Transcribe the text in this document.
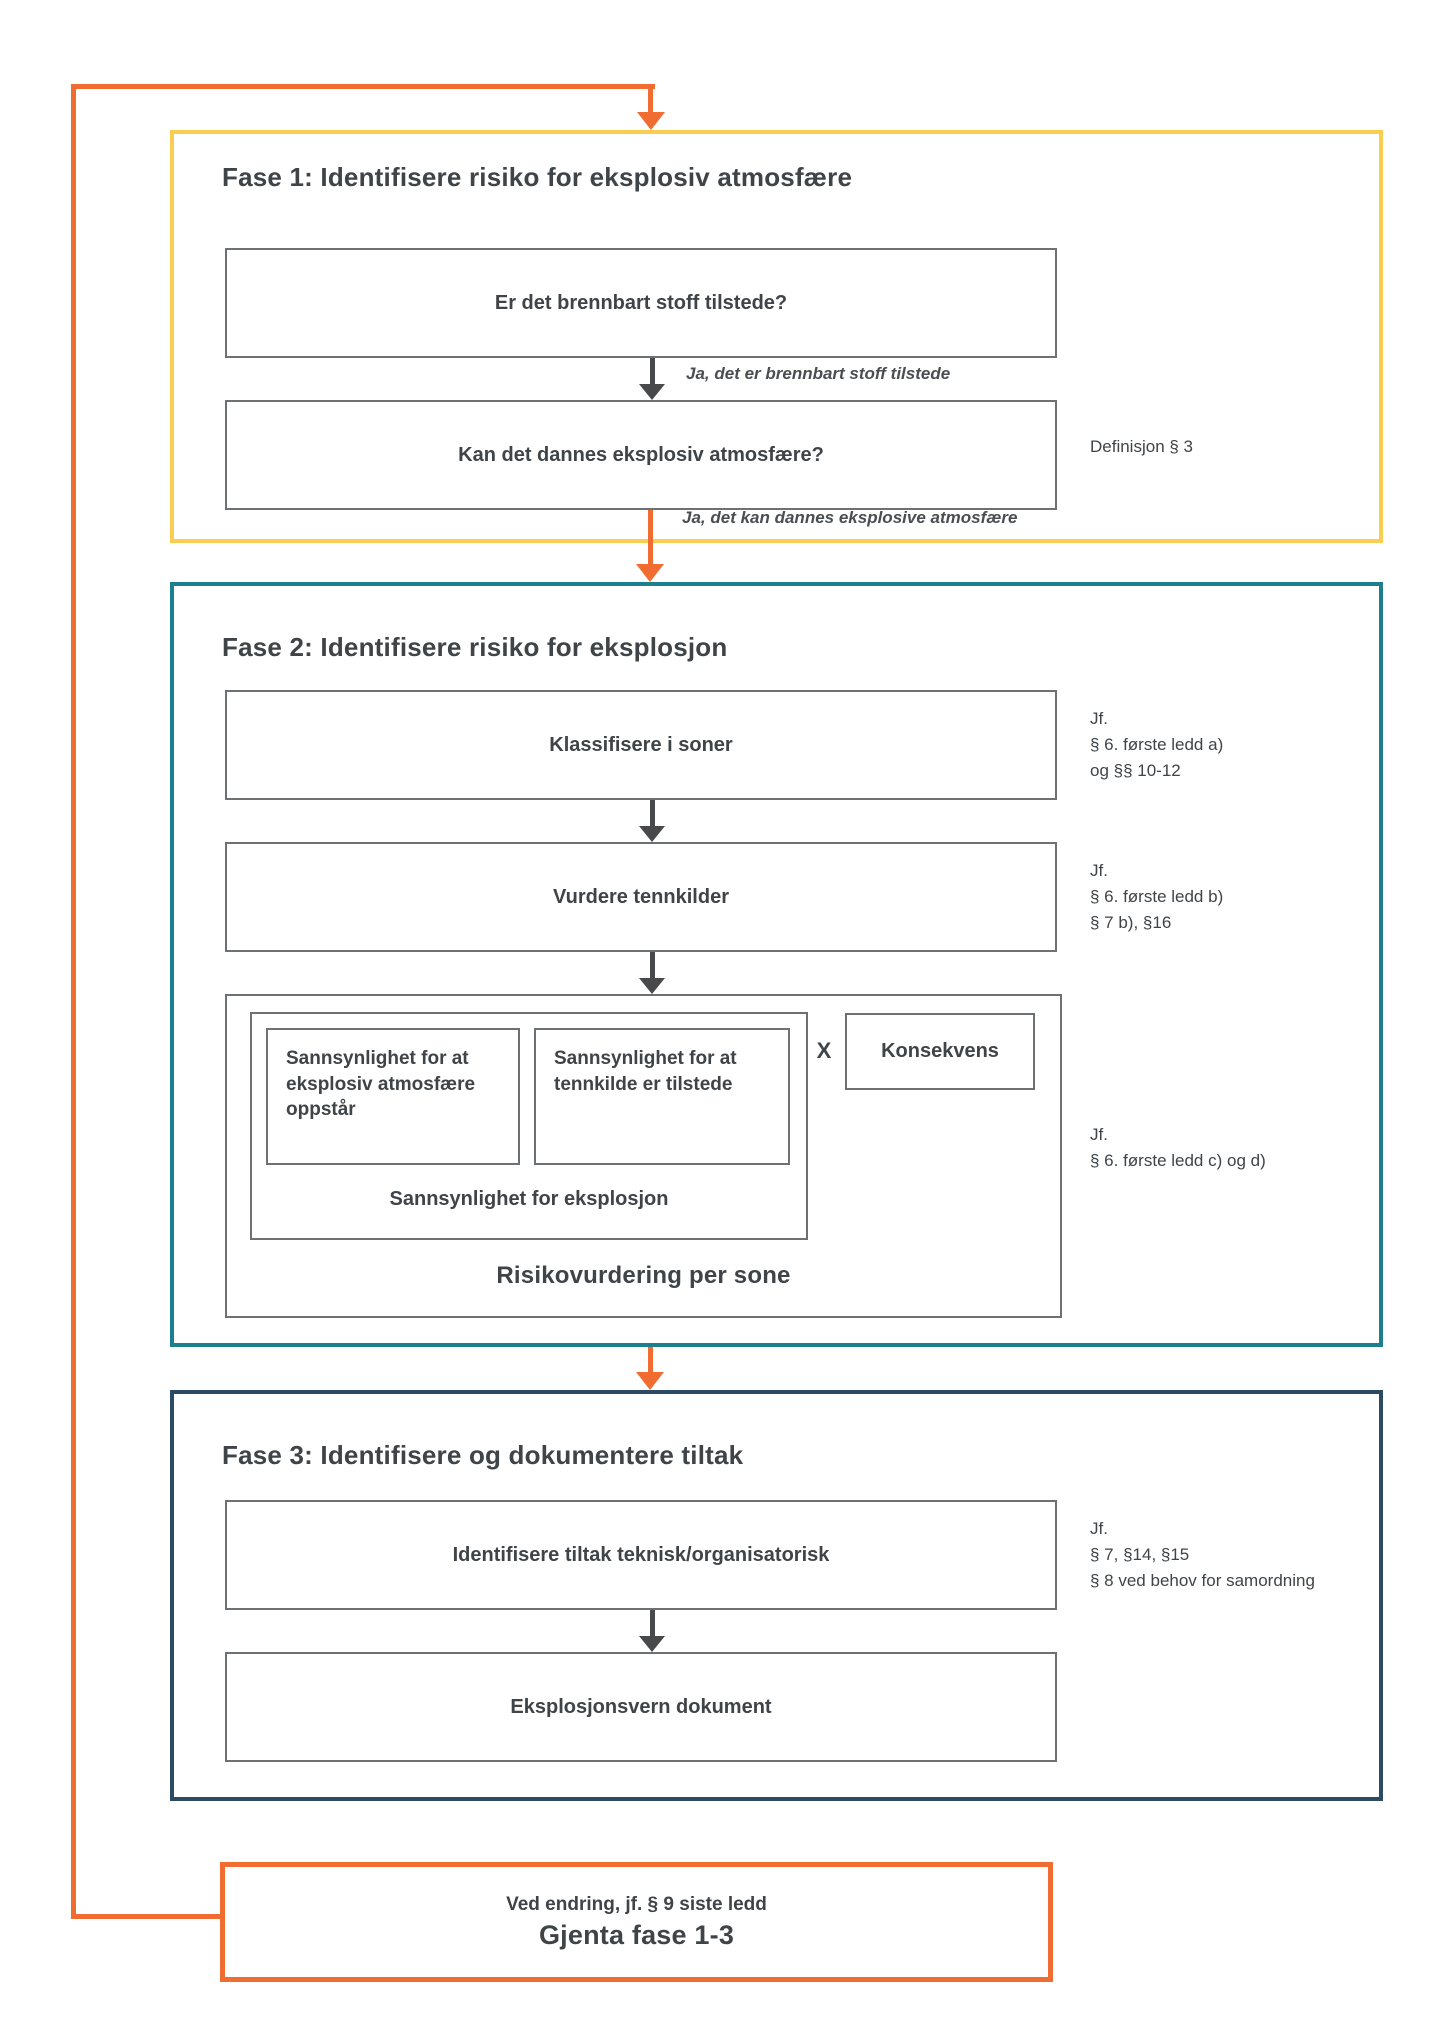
Fase 1: Identifisere risiko for eksplosiv atmosfære
Er det brennbart stoff tilstede?
Ja, det er brennbart stoff tilstede
Kan det dannes eksplosiv atmosfære?	Definisjon § 3
Ja, det kan dannes eksplosive atmosfære
Fase 2: Identifisere risiko for eksplosjon
Klassifisere i soner
Jf.
§ 6. første ledd a)
og §§ 10-12
Vurdere tennkilder
Jf.
§ 6. første ledd b)
§ 7 b), §16
Sannsynlighet for at eksplosiv atmosfære oppstår
Sannsynlighet for at tennkilde er tilstede
Sannsynlighet for eksplosjon
X	Konsekvens
Risikovurdering per sone
Jf.
§ 6. første ledd c) og d)
Fase 3: Identifisere og dokumentere tiltak
Identifisere tiltak teknisk/organisatorisk
Jf.
§ 7, §14, §15
§ 8 ved behov for samordning
Eksplosjonsvern dokument
Ved endring, jf. § 9 siste ledd
Gjenta fase 1-3
